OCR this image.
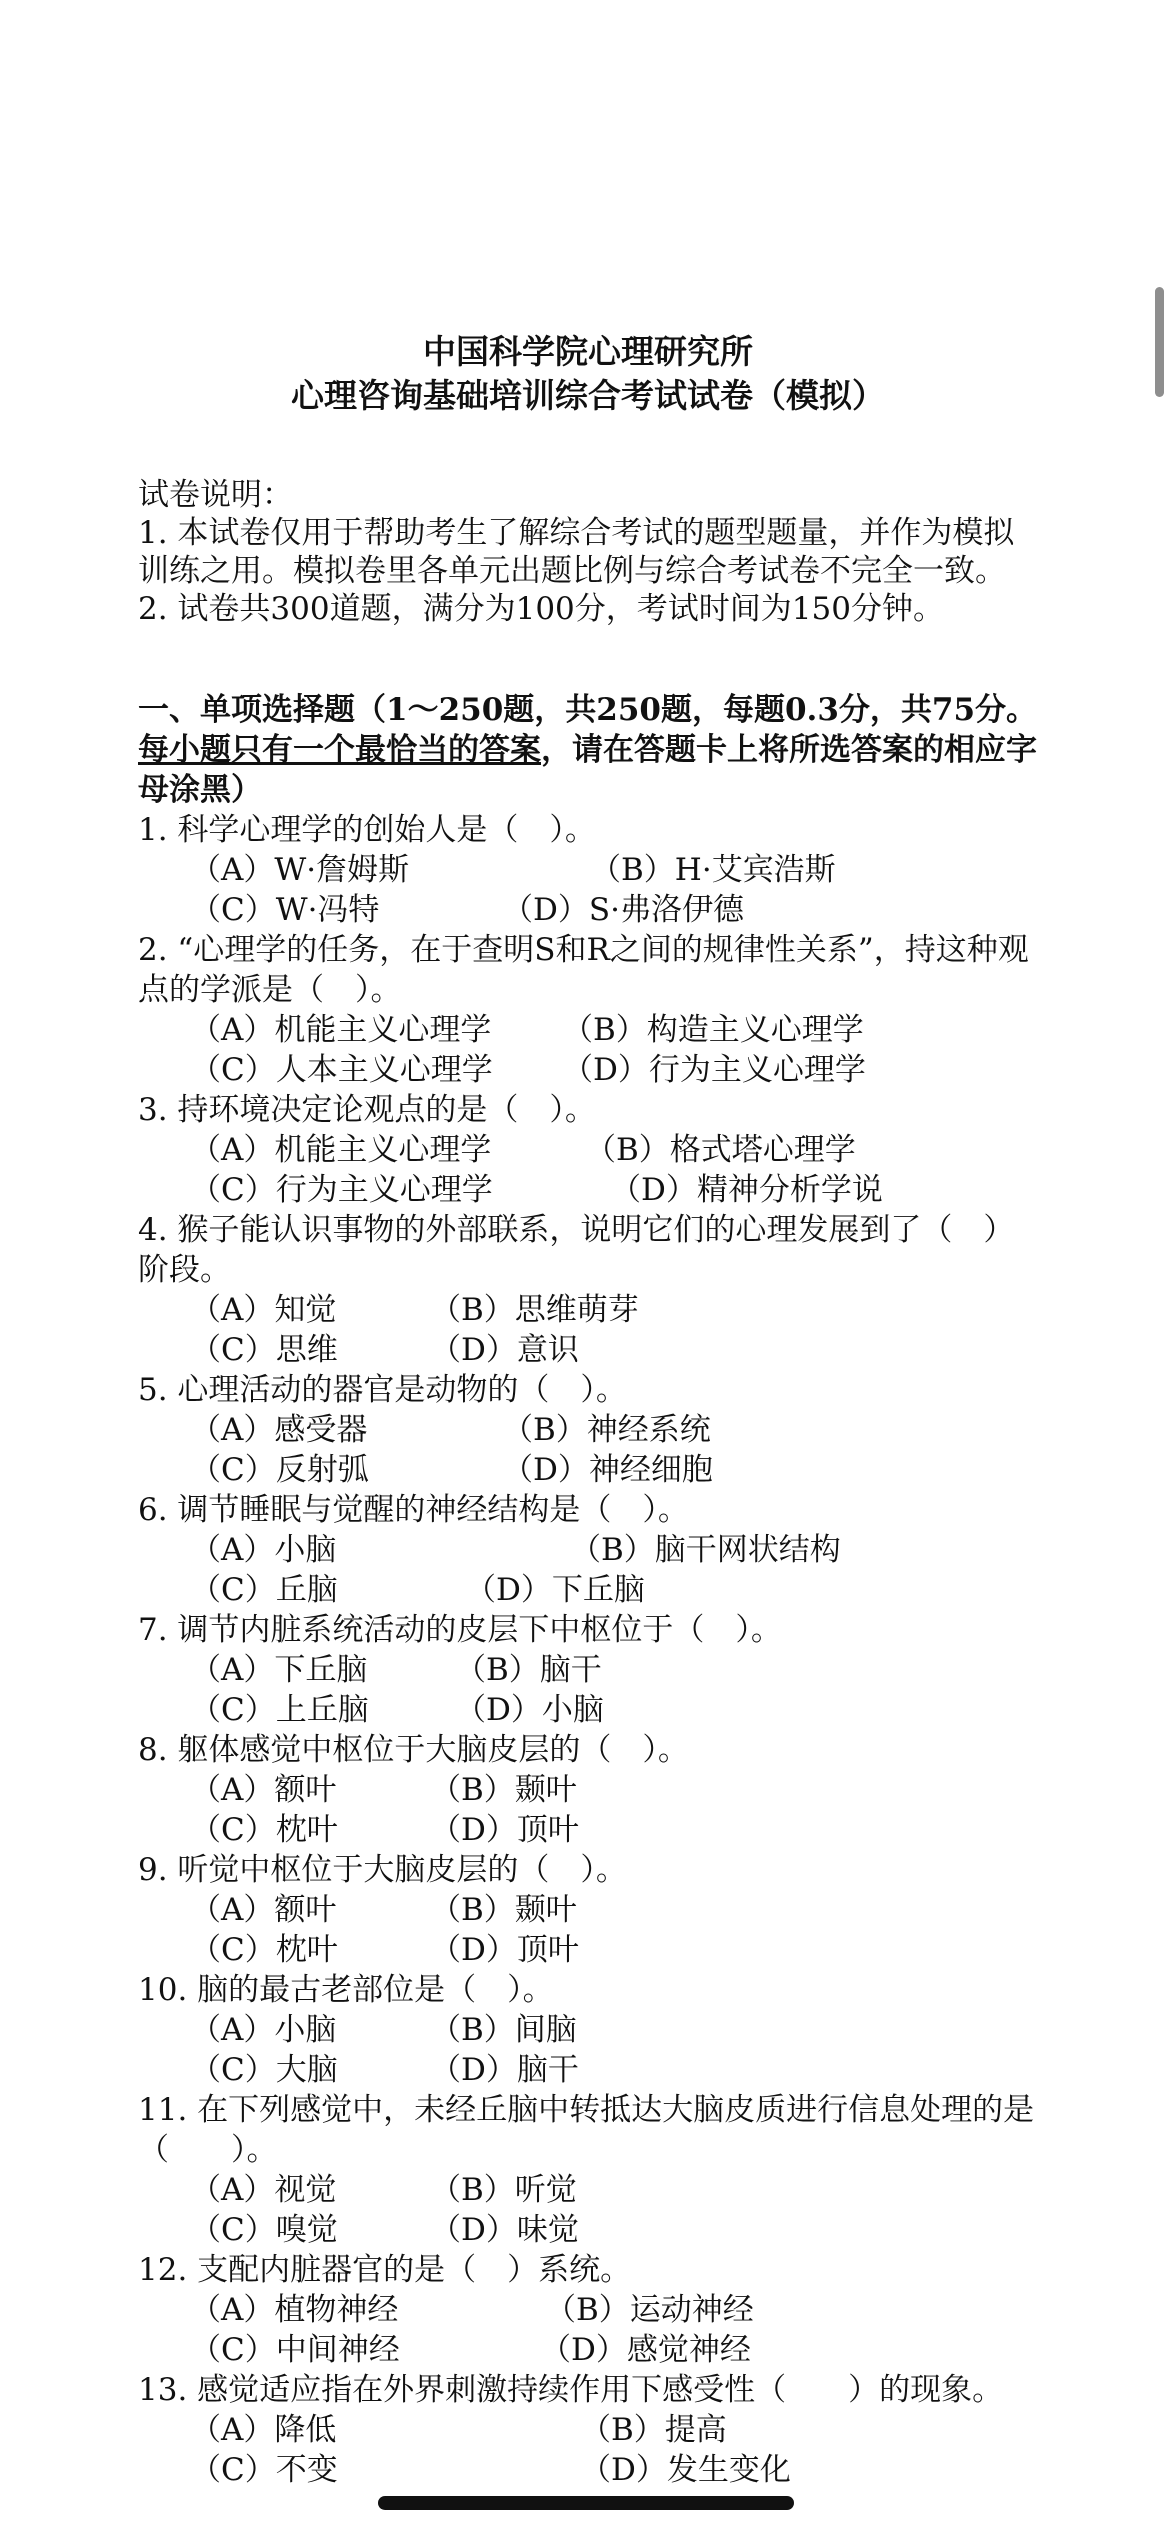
中国科学院心理研究所
心理咨询基础培训综合考试试卷（模拟）

试卷说明：

1. 本试卷仅用于帮助考生了解综合考试的题型题量，并作为模拟训练之用。模拟卷里各单元出题比例与综合考试卷不完全一致。

2. 试卷共300道题，满分为100分，考试时间为150分钟。

一、单项选择题（1～250题，共250题，每题0.3分，共75分。每小题只有一个最恰当的答案，请在答题卡上将所选答案的相应字母涂黑）

1. 科学心理学的创始人是（　）。

（A）W·詹姆斯	（B）H·艾宾浩斯
（C）W·冯特	（D）S·弗洛伊德

2. “心理学的任务，在于查明S和R之间的规律性关系”，持这种观点的学派是（　）。

（A）机能主义心理学	（B）构造主义心理学
（C）人本主义心理学	（D）行为主义心理学

3. 持环境决定论观点的是（　）。

（A）机能主义心理学	（B）格式塔心理学
（C）行为主义心理学	（D）精神分析学说

4. 猴子能认识事物的外部联系，说明它们的心理发展到了（　）阶段。

（A）知觉	（B）思维萌芽
（C）思维	（D）意识

5. 心理活动的器官是动物的（　）。

（A）感受器	（B）神经系统
（C）反射弧	（D）神经细胞

6. 调节睡眠与觉醒的神经结构是（　）。

（A）小脑	（B）脑干网状结构
（C）丘脑	（D）下丘脑

7. 调节内脏系统活动的皮层下中枢位于（　）。

（A）下丘脑	（B）脑干
（C）上丘脑	（D）小脑

8. 躯体感觉中枢位于大脑皮层的（　）。

（A）额叶	（B）颞叶
（C）枕叶	（D）顶叶

9. 听觉中枢位于大脑皮层的（　）。

（A）额叶	（B）颞叶
（C）枕叶	（D）顶叶

10. 脑的最古老部位是（　）。

（A）小脑	（B）间脑
（C）大脑	（D）脑干

11. 在下列感觉中，未经丘脑中转抵达大脑皮质进行信息处理的是（　　）。

（A）视觉	（B）听觉
（C）嗅觉	（D）味觉

12. 支配内脏器官的是（　）系统。

（A）植物神经	（B）运动神经
（C）中间神经	（D）感觉神经

13. 感觉适应指在外界刺激持续作用下感受性（　　）的现象。

（A）降低	（B）提高
（C）不变	（D）发生变化
